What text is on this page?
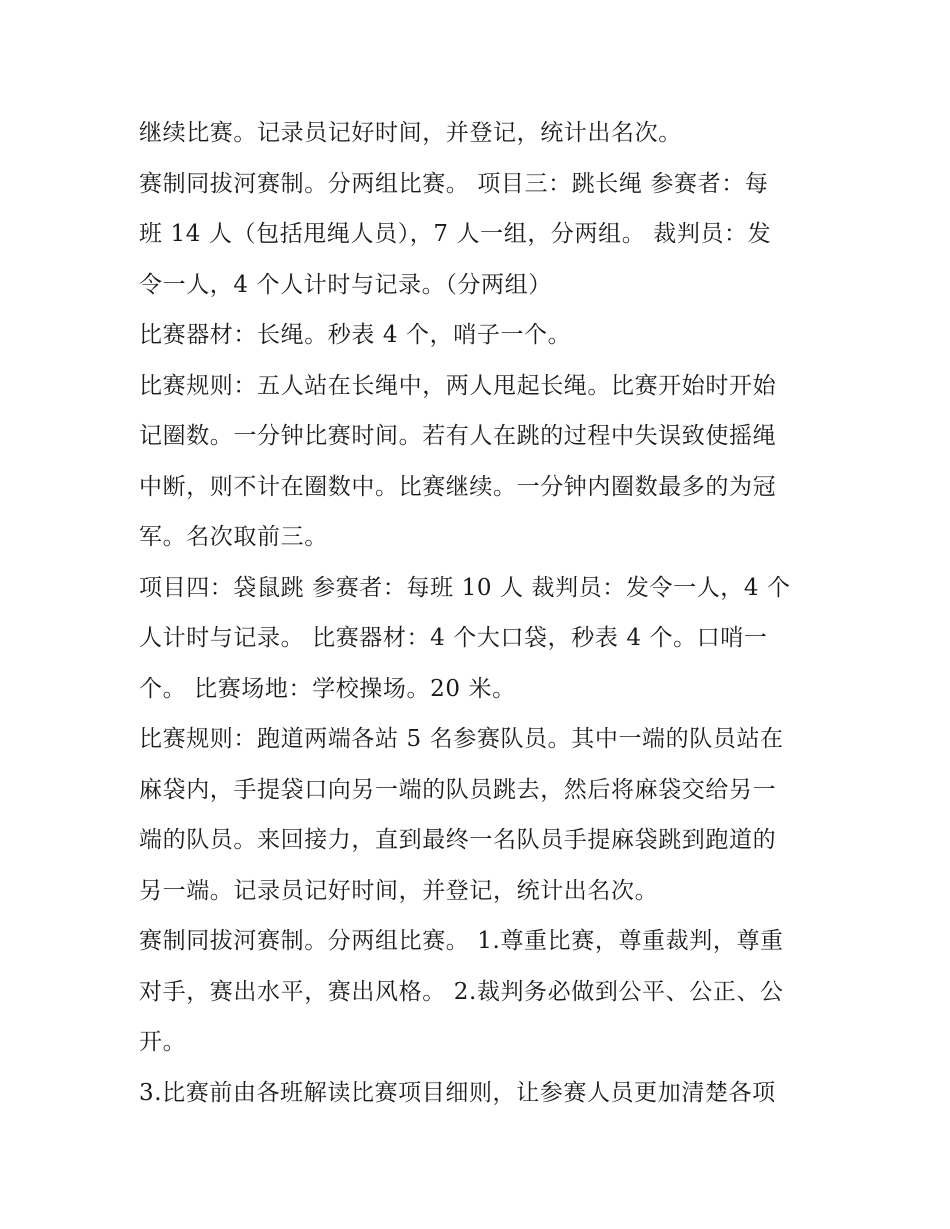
继续比赛。记录员记好时间，并登记，统计出名次。
赛制同拔河赛制。分两组比赛。 项目三：跳长绳 参赛者：每
班 14 人（包括甩绳人员），7 人一组，分两组。 裁判员：发
令一人，4 个人计时与记录。（分两组）
比赛器材：长绳。秒表 4 个，哨子一个。
比赛规则：五人站在长绳中，两人甩起长绳。比赛开始时开始
记圈数。一分钟比赛时间。若有人在跳的过程中失误致使摇绳
中断，则不计在圈数中。比赛继续。一分钟内圈数最多的为冠
军。名次取前三。
项目四：袋鼠跳 参赛者：每班 10 人 裁判员：发令一人，4 个
人计时与记录。 比赛器材：4 个大口袋，秒表 4 个。口哨一
个。 比赛场地：学校操场。20 米。
比赛规则：跑道两端各站 5 名参赛队员。其中一端的队员站在
麻袋内，手提袋口向另一端的队员跳去，然后将麻袋交给另一
端的队员。来回接力，直到最终一名队员手提麻袋跳到跑道的
另一端。记录员记好时间，并登记，统计出名次。
赛制同拔河赛制。分两组比赛。 1.尊重比赛，尊重裁判，尊重
对手，赛出水平，赛出风格。 2.裁判务必做到公平、公正、公
开。
3.比赛前由各班解读比赛项目细则，让参赛人员更加清楚各项
